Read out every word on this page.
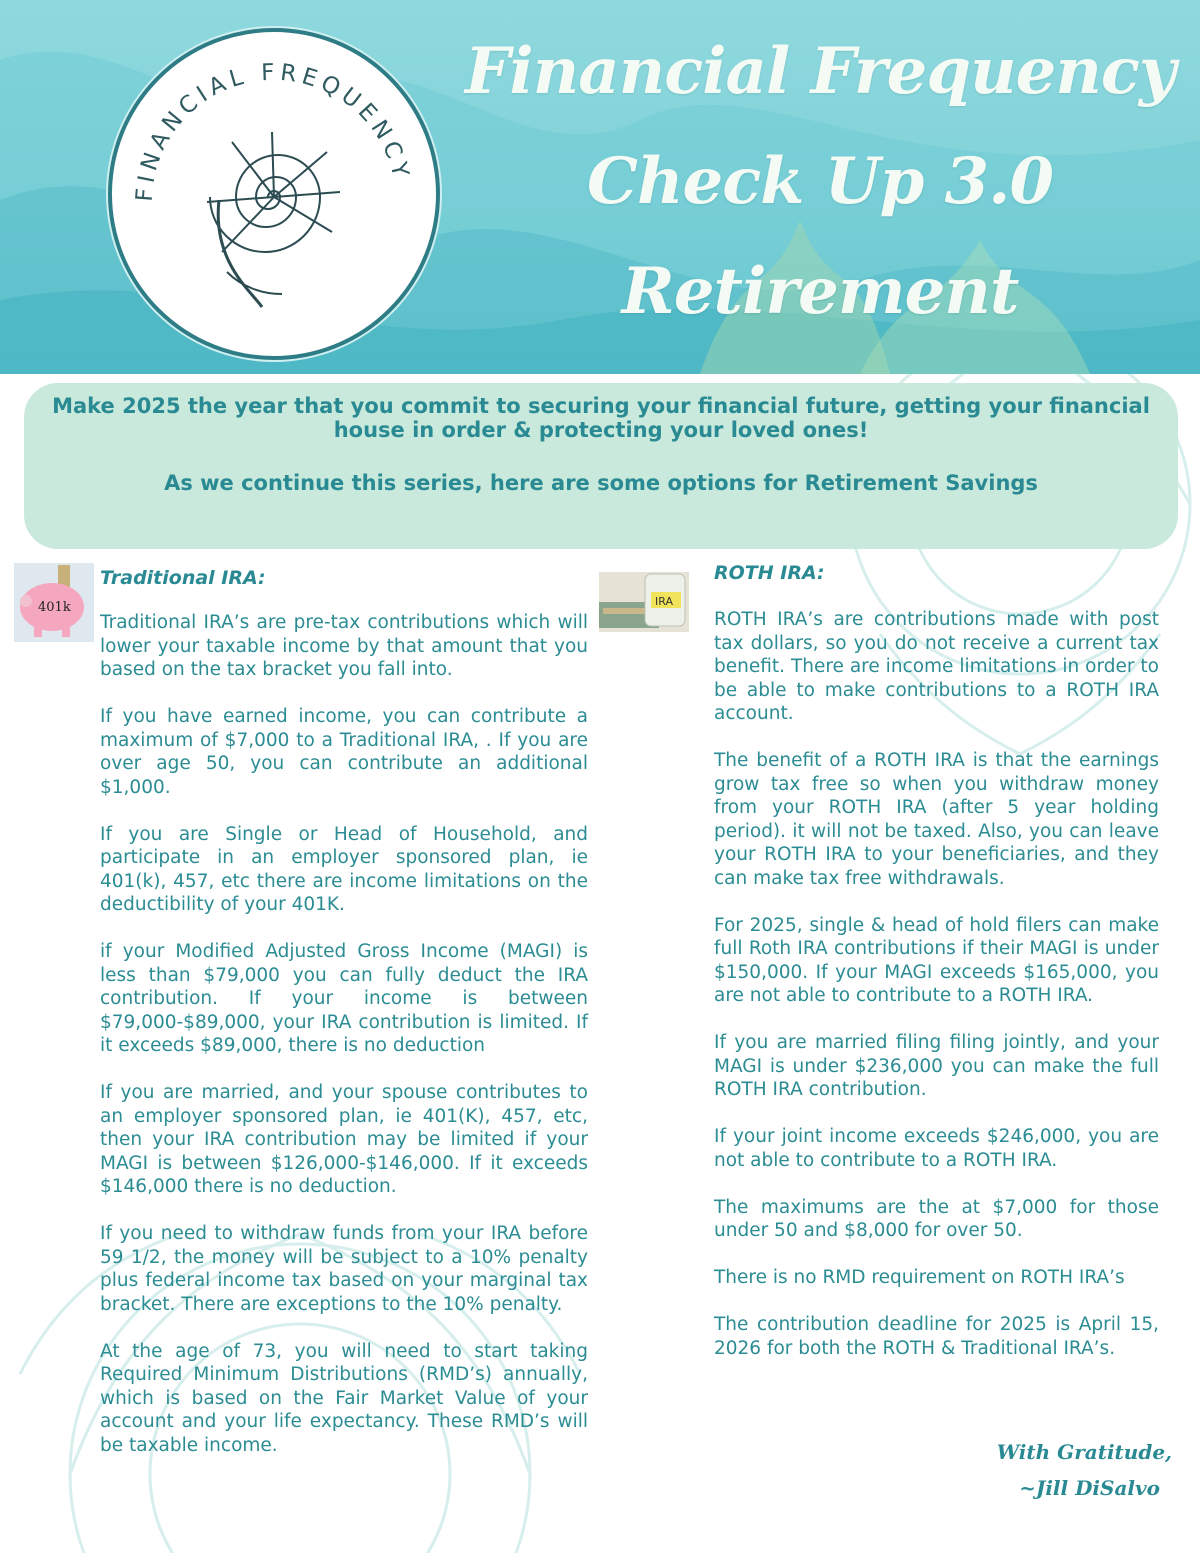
FINANCIAL FREQUENCY
Financial Frequency
Check Up 3.0
Retirement
Make 2025 the year that you commit to securing your financial future, getting your financial house in order & protecting your loved ones!
As we continue this series, here are some options for Retirement Savings
401k
Traditional IRA:

Traditional IRA’s are pre-tax contributions which will lower your taxable income by that amount that you based on the tax bracket you fall into.

If you have earned income, you can contribute a maximum of $7,000 to a Traditional IRA, . If you are over age 50, you can contribute an additional $1,000.

If you are Single or Head of Household, and participate in an employer sponsored plan, ie 401(k), 457, etc there are income limitations on the deductibility of your 401K.

if your Modified Adjusted Gross Income (MAGI) is less than $79,000 you can fully deduct the IRA contribution. If your income is between $79,000-$89,000, your IRA contribution is limited. If it exceeds $89,000, there is no deduction

If you are married, and your spouse contributes to an employer sponsored plan, ie 401(K), 457, etc, then your IRA contribution may be limited if your MAGI is between $126,000-$146,000. If it exceeds $146,000 there is no deduction.

If you need to withdraw funds from your IRA before 59 1/2, the money will be subject to a 10% penalty plus federal income tax based on your marginal tax bracket. There are exceptions to the 10% penalty.

At the age of 73, you will need to start taking Required Minimum Distributions (RMD’s) annually, which is based on the Fair Market Value of your account and your life expectancy. These RMD’s will be taxable income.

IRA
ROTH IRA:

ROTH IRA’s are contributions made with post tax dollars, so you do not receive a current tax benefit. There are income limitations in order to be able to make contributions to a ROTH IRA account.

The benefit of a ROTH IRA is that the earnings grow tax free so when you withdraw money from your ROTH IRA (after 5 year holding period). it will not be taxed. Also, you can leave your ROTH IRA to your beneficiaries, and they can make tax free withdrawals.

For 2025, single & head of hold filers can make full Roth IRA contributions if their MAGI is under $150,000. If your MAGI exceeds $165,000, you are not able to contribute to a ROTH IRA.

If you are married filing filing jointly, and your MAGI is under $236,000 you can make the full ROTH IRA contribution.

If your joint income exceeds $246,000, you are not able to contribute to a ROTH IRA.

The maximums are the at $7,000 for those under 50 and $8,000 for over 50.

There is no RMD requirement on ROTH IRA’s

The contribution deadline for 2025 is April 15, 2026 for both the ROTH & Traditional IRA’s.

With Gratitude,
~Jill DiSalvo
